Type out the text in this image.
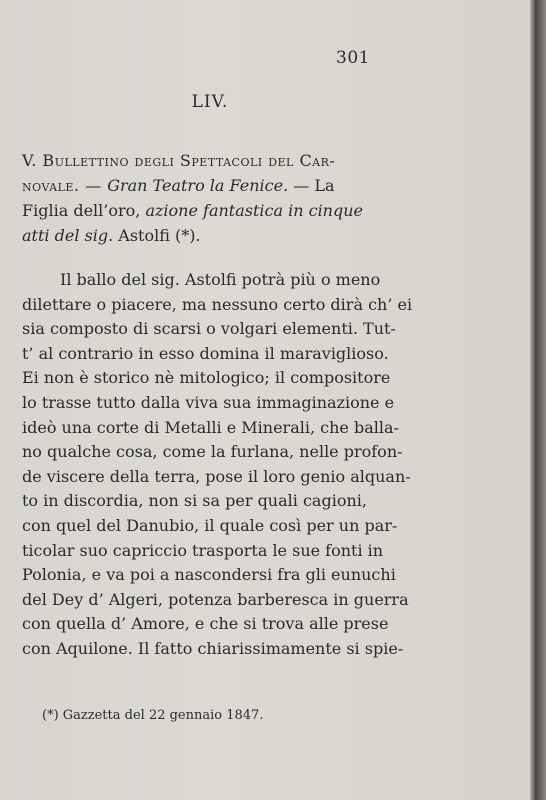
301
LIV.
V. Bullettino degli Spettacoli del Car-
novale. — Gran Teatro la Fenice. — La
Figlia dell’oro, azione fantastica in cinque
atti del sig. Astolfi (*).
Il ballo del sig. Astolfi potrà più o meno
dilettare o piacere, ma nessuno certo dirà ch’ ei
sia composto di scarsi o volgari elementi. Tut-
t’ al contrario in esso domina il maraviglioso.
Ei non è storico nè mitologico; il compositore
lo trasse tutto dalla viva sua immaginazione e
ideò una corte di Metalli e Minerali, che balla-
no qualche cosa, come la furlana, nelle profon-
de viscere della terra, pose il loro genio alquan-
to in discordia, non si sa per quali cagioni,
con quel del Danubio, il quale così per un par-
ticolar suo capriccio trasporta le sue fonti in
Polonia, e va poi a nascondersi fra gli eunuchi
del Dey d’ Algeri, potenza barberesca in guerra
con quella d’ Amore, e che si trova alle prese
con Aquilone. Il fatto chiarissimamente si spie-
(*) Gazzetta del 22 gennaio 1847.
